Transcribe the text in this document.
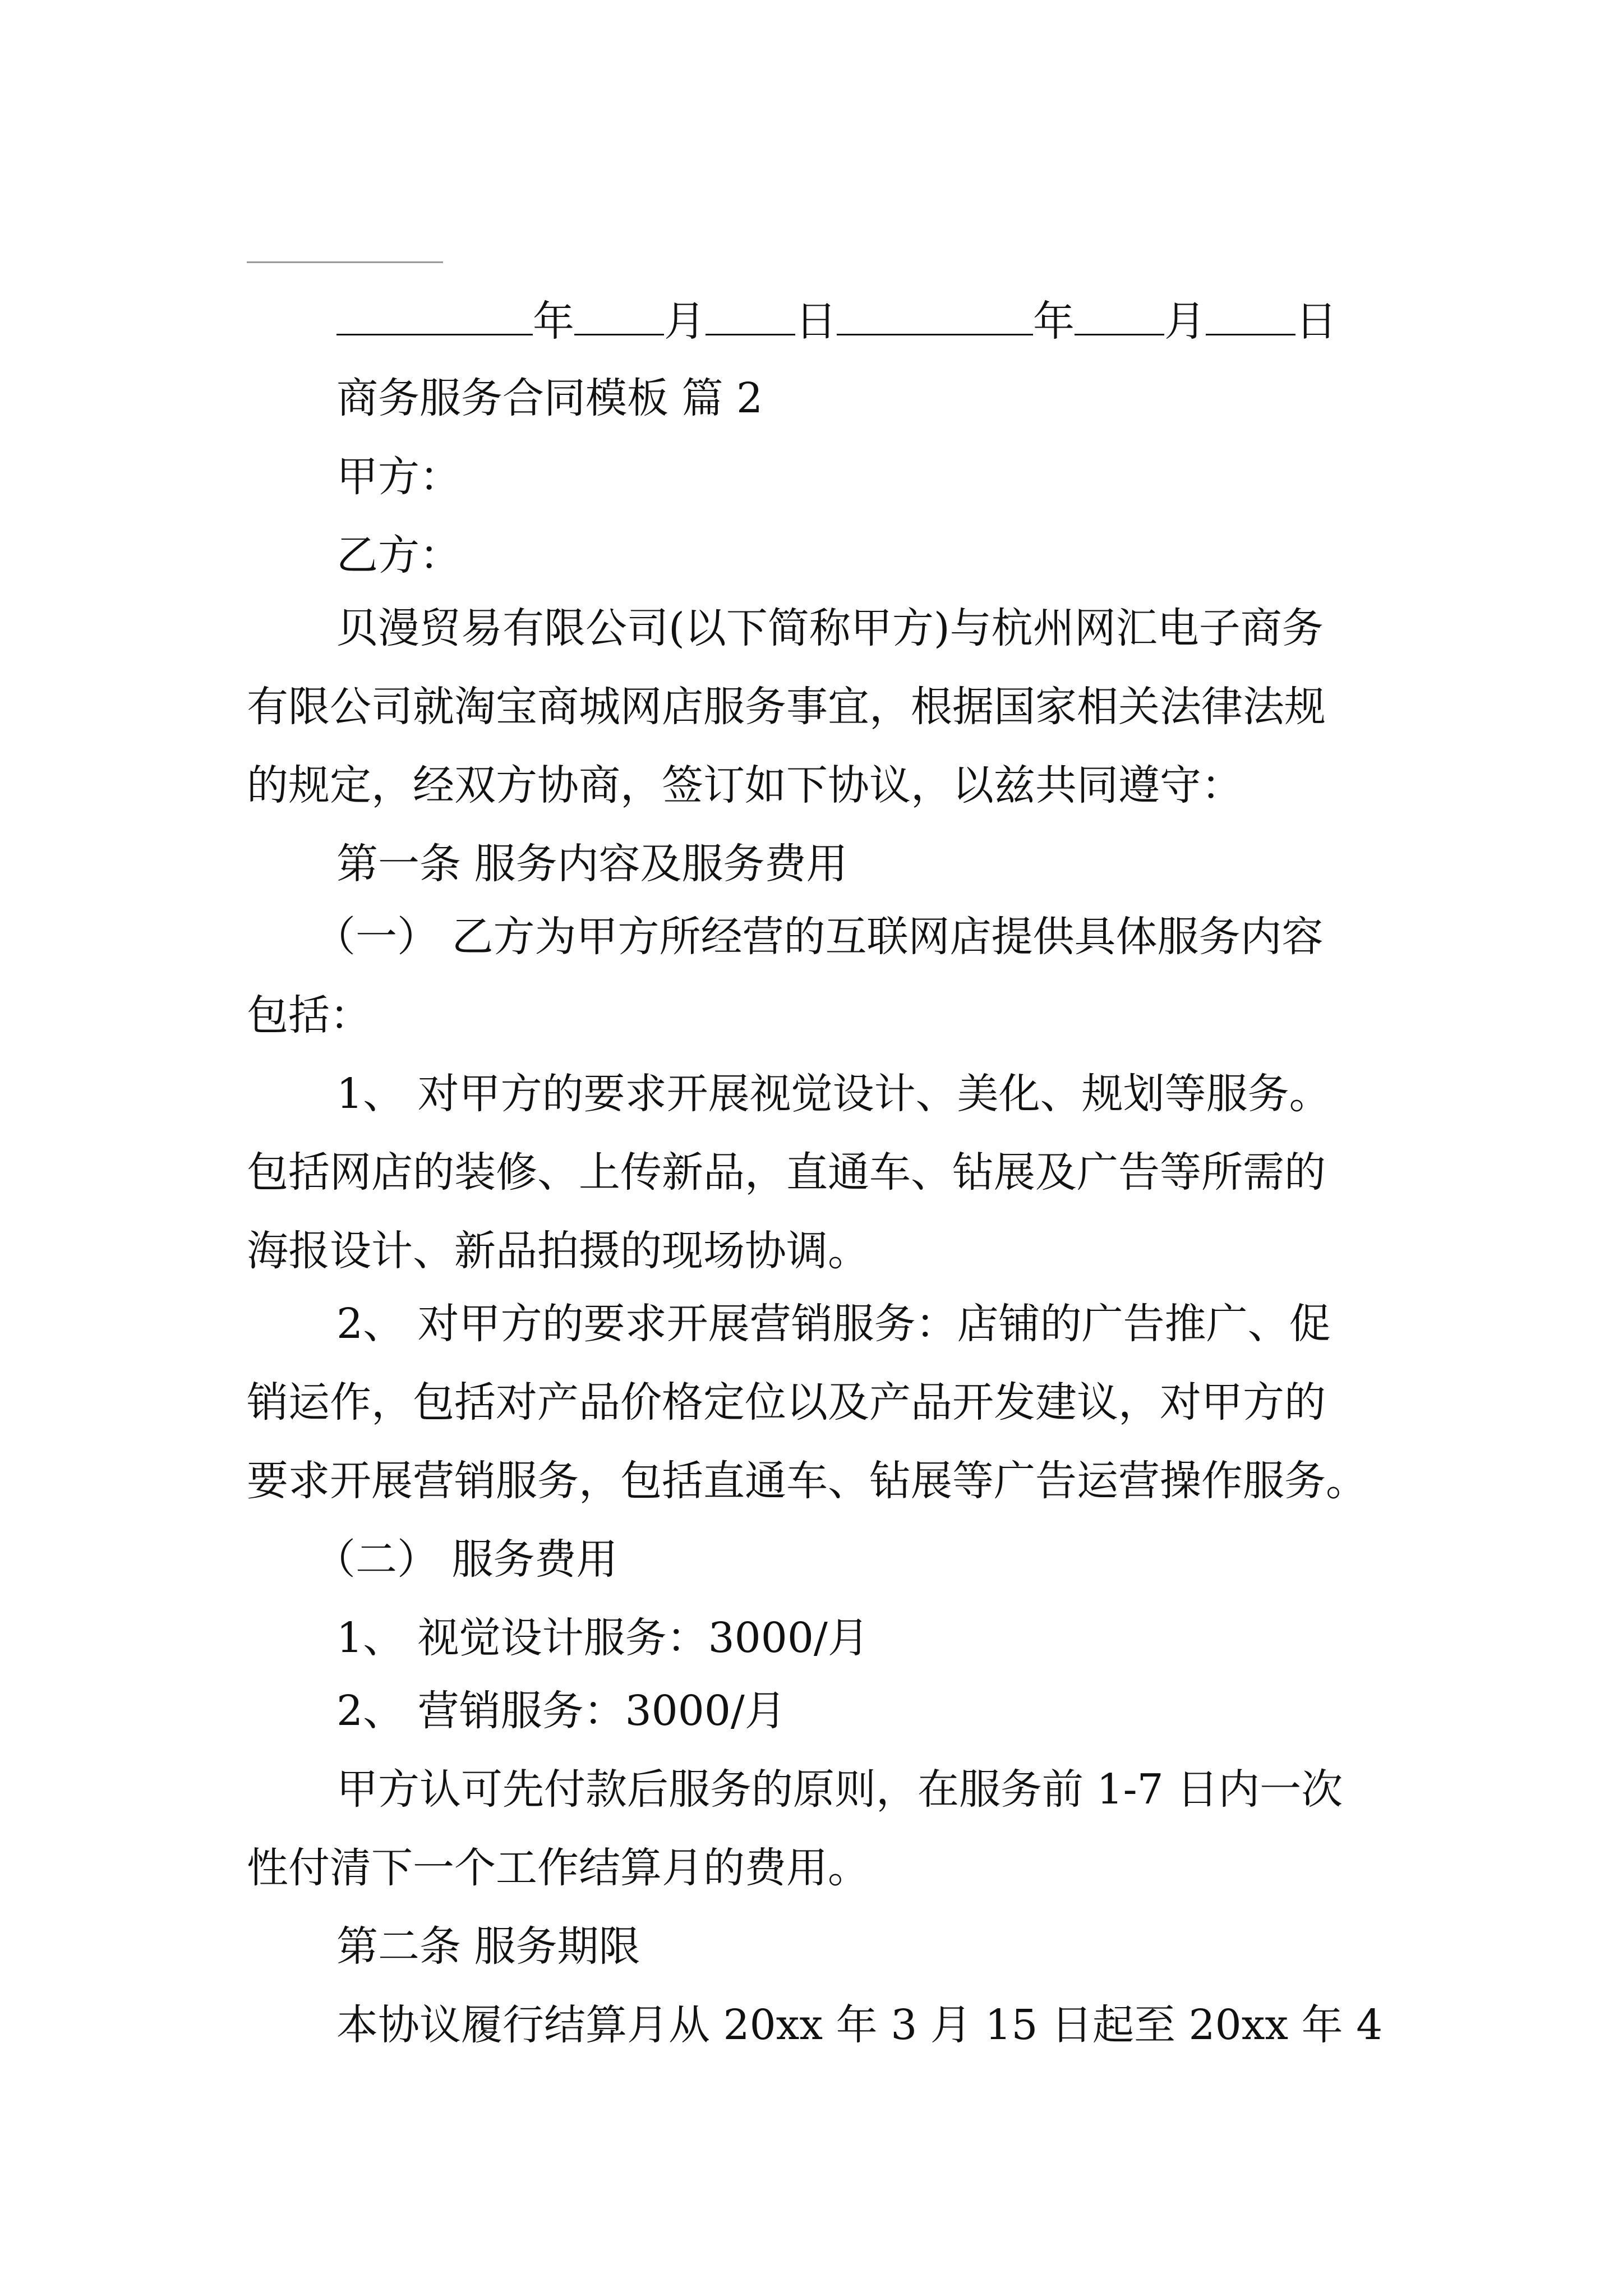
年 月 日	年 月 日
商务服务合同模板 篇 2
甲方：
乙方：
贝漫贸易有限公司(以下简称甲方)与杭州网汇电子商务
有限公司就淘宝商城网店服务事宜，根据国家相关法律法规
的规定，经双方协商，签订如下协议，以兹共同遵守：
第一条 服务内容及服务费用
（一） 乙方为甲方所经营的互联网店提供具体服务内容
包括：
1、 对甲方的要求开展视觉设计、美化、规划等服务。
包括网店的装修、上传新品，直通车、钻展及广告等所需的
海报设计、新品拍摄的现场协调。
2、 对甲方的要求开展营销服务：店铺的广告推广、促
销运作，包括对产品价格定位以及产品开发建议，对甲方的
要求开展营销服务，包括直通车、钻展等广告运营操作服务。
（二） 服务费用
1、 视觉设计服务：3000/月
2、 营销服务：3000/月
甲方认可先付款后服务的原则，在服务前 1-7 日内一次
性付清下一个工作结算月的费用。
第二条 服务期限
本协议履行结算月从 20xx 年 3 月 15 日起至 20xx 年 4
